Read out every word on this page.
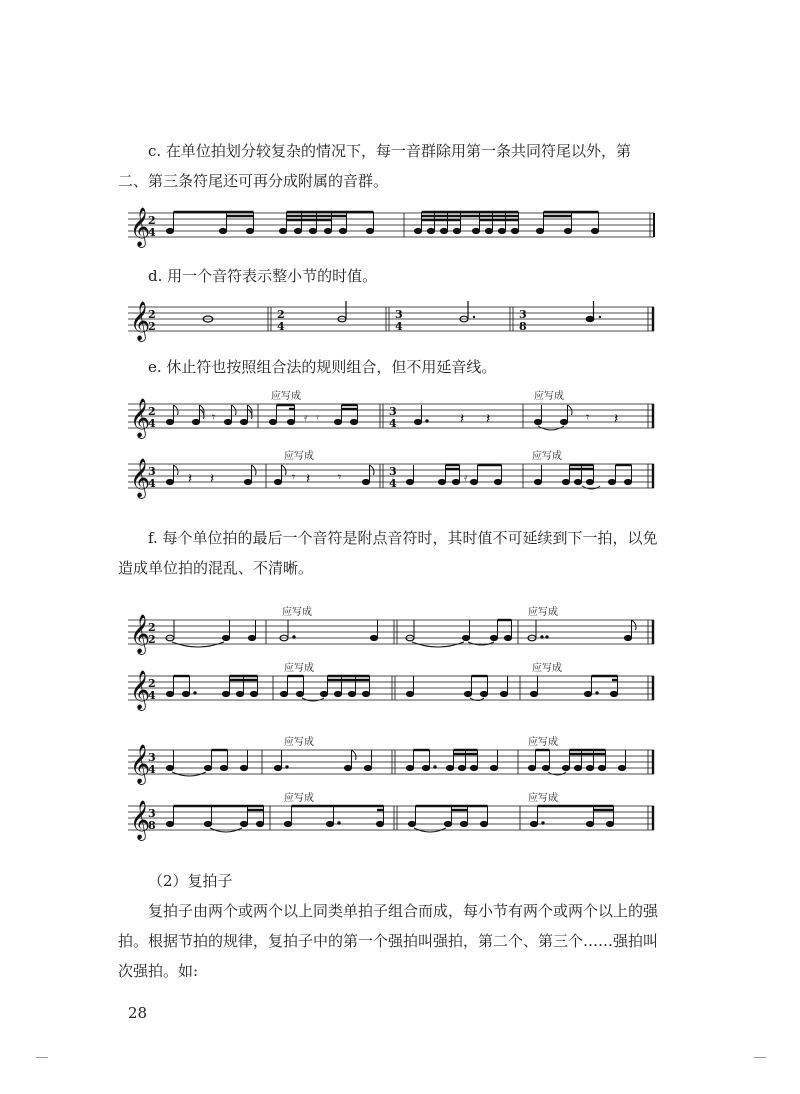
c. 在单位拍划分较复杂的情况下，每一音群除用第一条共同符尾以外，第二、第三条符尾还可再分成附属的音群。

𝄞
2
4

d. 用一个音符表示整小节的时值。

𝄞
2
2
2
4
3
4
3
8

e. 休止符也按照组合法的规则组合，但不用延音线。

应写成	应写成
𝄞
2
4
3
4
𝄾	𝄿 𝄾	𝄽 𝄽	𝄾 𝄽
应写成	应写成
𝄞
3
4
3
4
𝄽 𝄽	𝄾 𝄽 𝄾	𝄿

f. 每个单位拍的最后一个音符是附点音符时，其时值不可延续到下一拍，以免造成单位拍的混乱、不清晰。

应写成	应写成
𝄞
2
2
应写成	应写成
𝄞
2
4
应写成	应写成
𝄞
3
4
应写成	应写成
𝄞
3
8

（2）复拍子

复拍子由两个或两个以上同类单拍子组合而成，每小节有两个或两个以上的强拍。根据节拍的规律，复拍子中的第一个强拍叫强拍，第二个、第三个……强拍叫次强拍。如:

28
